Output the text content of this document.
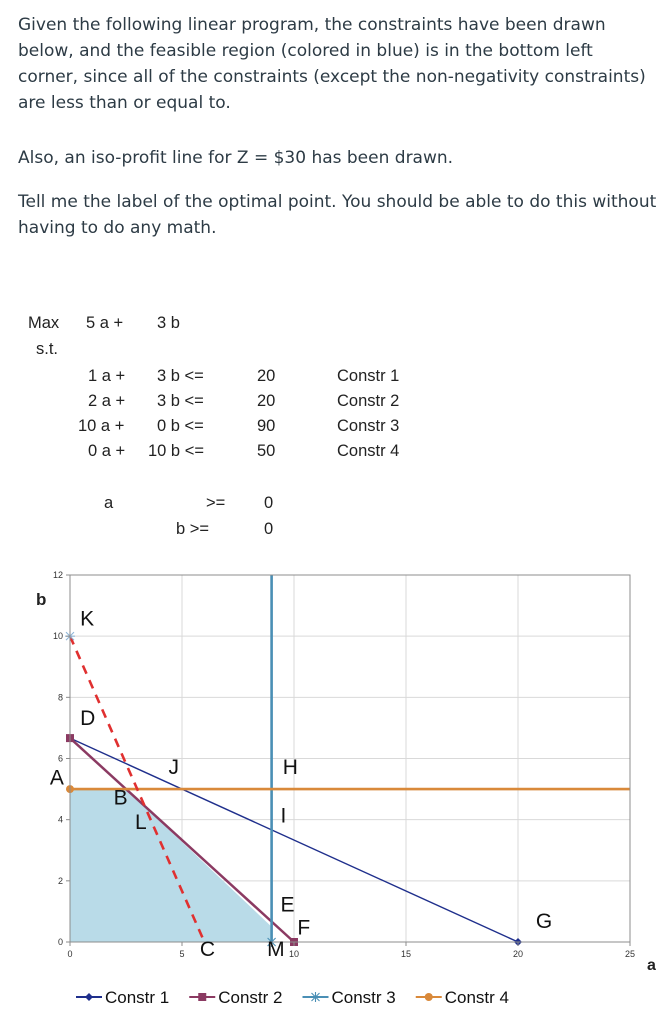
Given the following linear program, the constraints have been drawn below, and the feasible region (colored in blue) is in the bottom left corner, since all of the constraints (except the non-negativity constraints) are less than or equal to.

Also, an iso-profit line for Z = $30 has been drawn.

Tell me the label of the optimal point. You should be able to do this without having to do any math.

Max 5 a + 3 b
s.t.
1 a + 3 b <=	20	Constr 1
2 a + 3 b <=	20	Constr 2
10 a + 0 b <=	90	Constr 3
0 a + 10 b <=	50	Constr 4
a	>= 0
b >=	0
0
2
4
6
8
10
12
0	5	10	15	20	25
K
D
A
B
L
J	H
I
E
F	G
C M
a
b
Constr 1	Constr 2	Constr 3	Constr 4
